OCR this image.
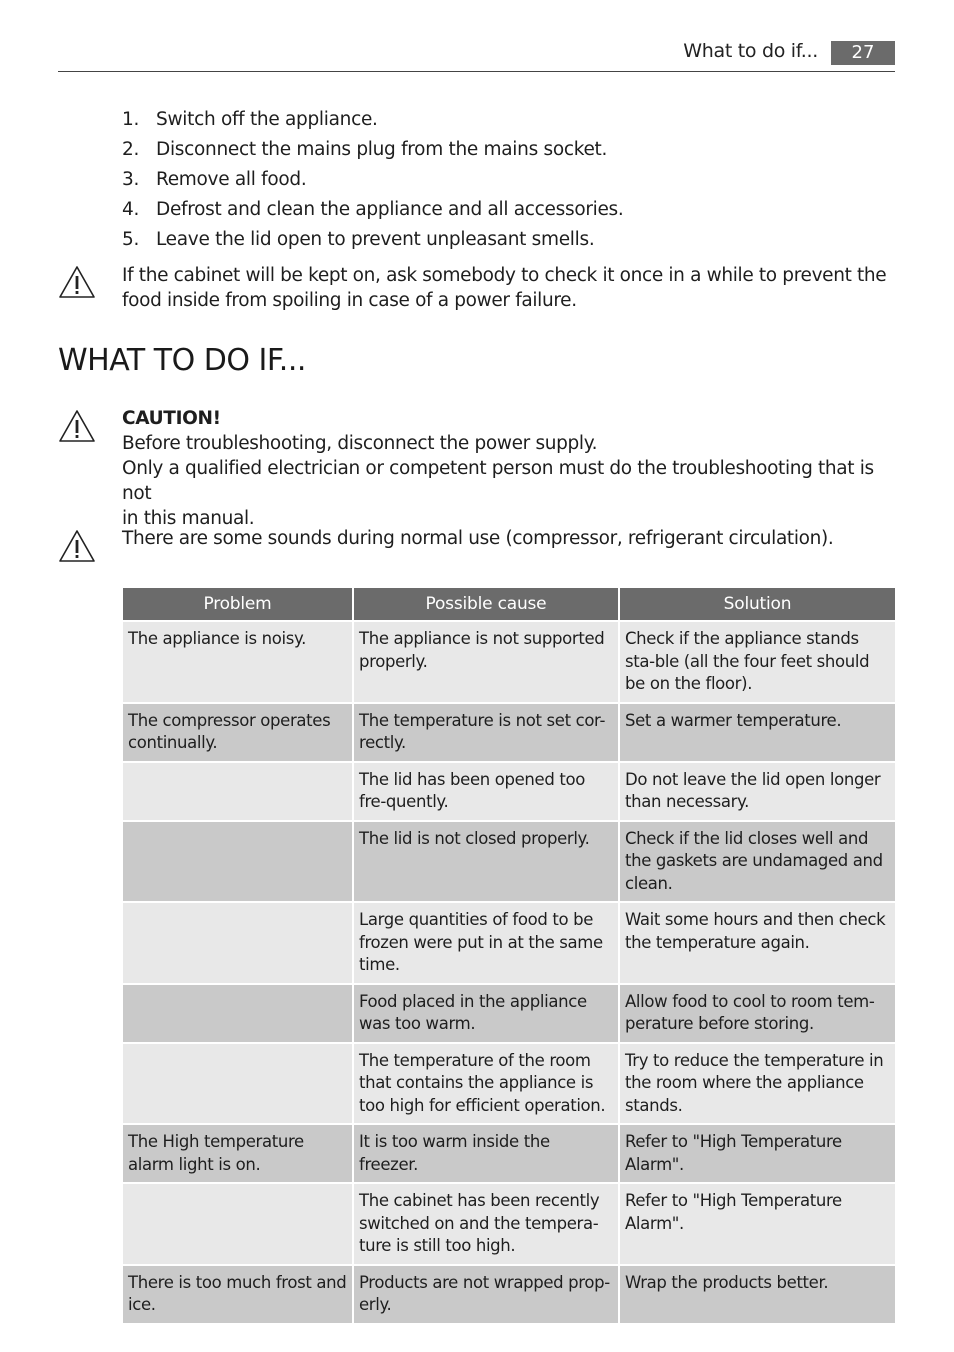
What to do if...	27
1. Switch off the appliance.
2. Disconnect the mains plug from the mains socket.
3. Remove all food.
4. Defrost and clean the appliance and all accessories.
5. Leave the lid open to prevent unpleasant smells.
If the cabinet will be kept on, ask somebody to check it once in a while to prevent the
food inside from spoiling in case of a power failure.
WHAT TO DO IF...
CAUTION!
Before troubleshooting, disconnect the power supply.
Only a qualified electrician or competent person must do the troubleshooting that is not
in this manual.
There are some sounds during normal use (compressor, refrigerant circulation).
Problem	Possible cause	Solution
The appliance is noisy.	The appliance is not supported properly.	Check if the appliance stands sta-ble (all the four feet should be on the floor).
The compressor operates continually.	The temperature is not set cor-rectly.	Set a warmer temperature.
	The lid has been opened too fre-quently.	Do not leave the lid open longer than necessary.
	The lid is not closed properly.	Check if the lid closes well and the gaskets are undamaged and clean.
	Large quantities of food to be frozen were put in at the same time.	Wait some hours and then check the temperature again.
	Food placed in the appliance was too warm.	Allow food to cool to room tem-perature before storing.
	The temperature of the room that contains the appliance is too high for efficient operation.	Try to reduce the temperature in the room where the appliance stands.
The High temperature alarm light is on.	It is too warm inside the freezer.	Refer to "High Temperature Alarm".
	The cabinet has been recently switched on and the tempera-ture is still too high.	Refer to "High Temperature Alarm".
There is too much frost and ice.	Products are not wrapped prop-erly.	Wrap the products better.
